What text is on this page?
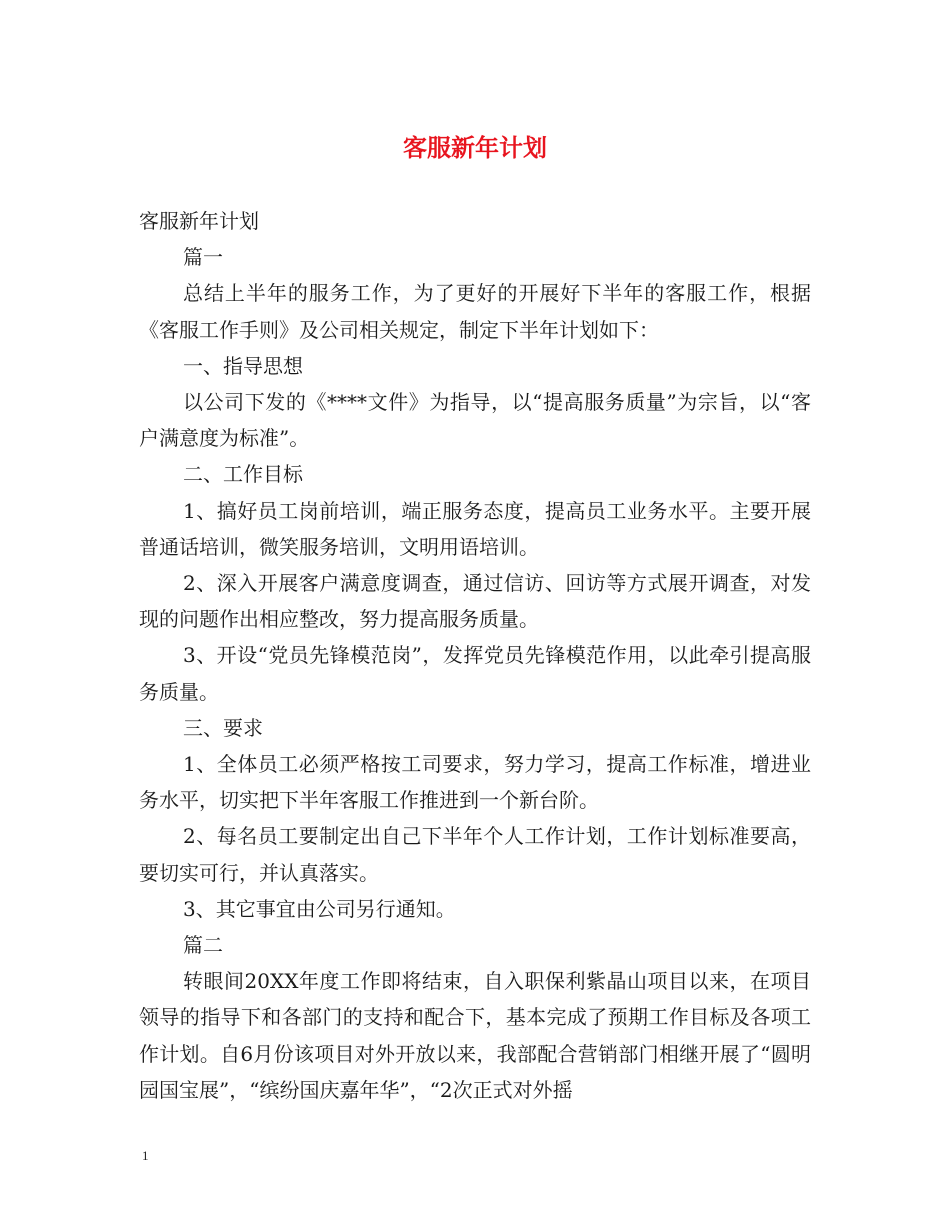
客服新年计划

客服新年计划

篇一

总结上半年的服务工作，为了更好的开展好下半年的客服工作，根据《客服工作手则》及公司相关规定，制定下半年计划如下：

一、指导思想

以公司下发的《****文件》为指导，以“提高服务质量”为宗旨，以“客户满意度为标准”。

二、工作目标

1、搞好员工岗前培训，端正服务态度，提高员工业务水平。主要开展普通话培训，微笑服务培训，文明用语培训。

2、深入开展客户满意度调查，通过信访、回访等方式展开调查，对发现的问题作出相应整改，努力提高服务质量。

3、开设“党员先锋模范岗”，发挥党员先锋模范作用，以此牵引提高服务质量。

三、要求

1、全体员工必须严格按工司要求，努力学习，提高工作标准，增进业务水平，切实把下半年客服工作推进到一个新台阶。

2、每名员工要制定出自己下半年个人工作计划，工作计划标准要高，要切实可行，并认真落实。

3、其它事宜由公司另行通知。

篇二

转眼间20XX年度工作即将结束，自入职保利紫晶山项目以来，在项目领导的指导下和各部门的支持和配合下，基本完成了预期工作目标及各项工作计划。自6月份该项目对外开放以来，我部配合营销部门相继开展了“圆明园国宝展”，“缤纷国庆嘉年华”，“2次正式对外摇

1
